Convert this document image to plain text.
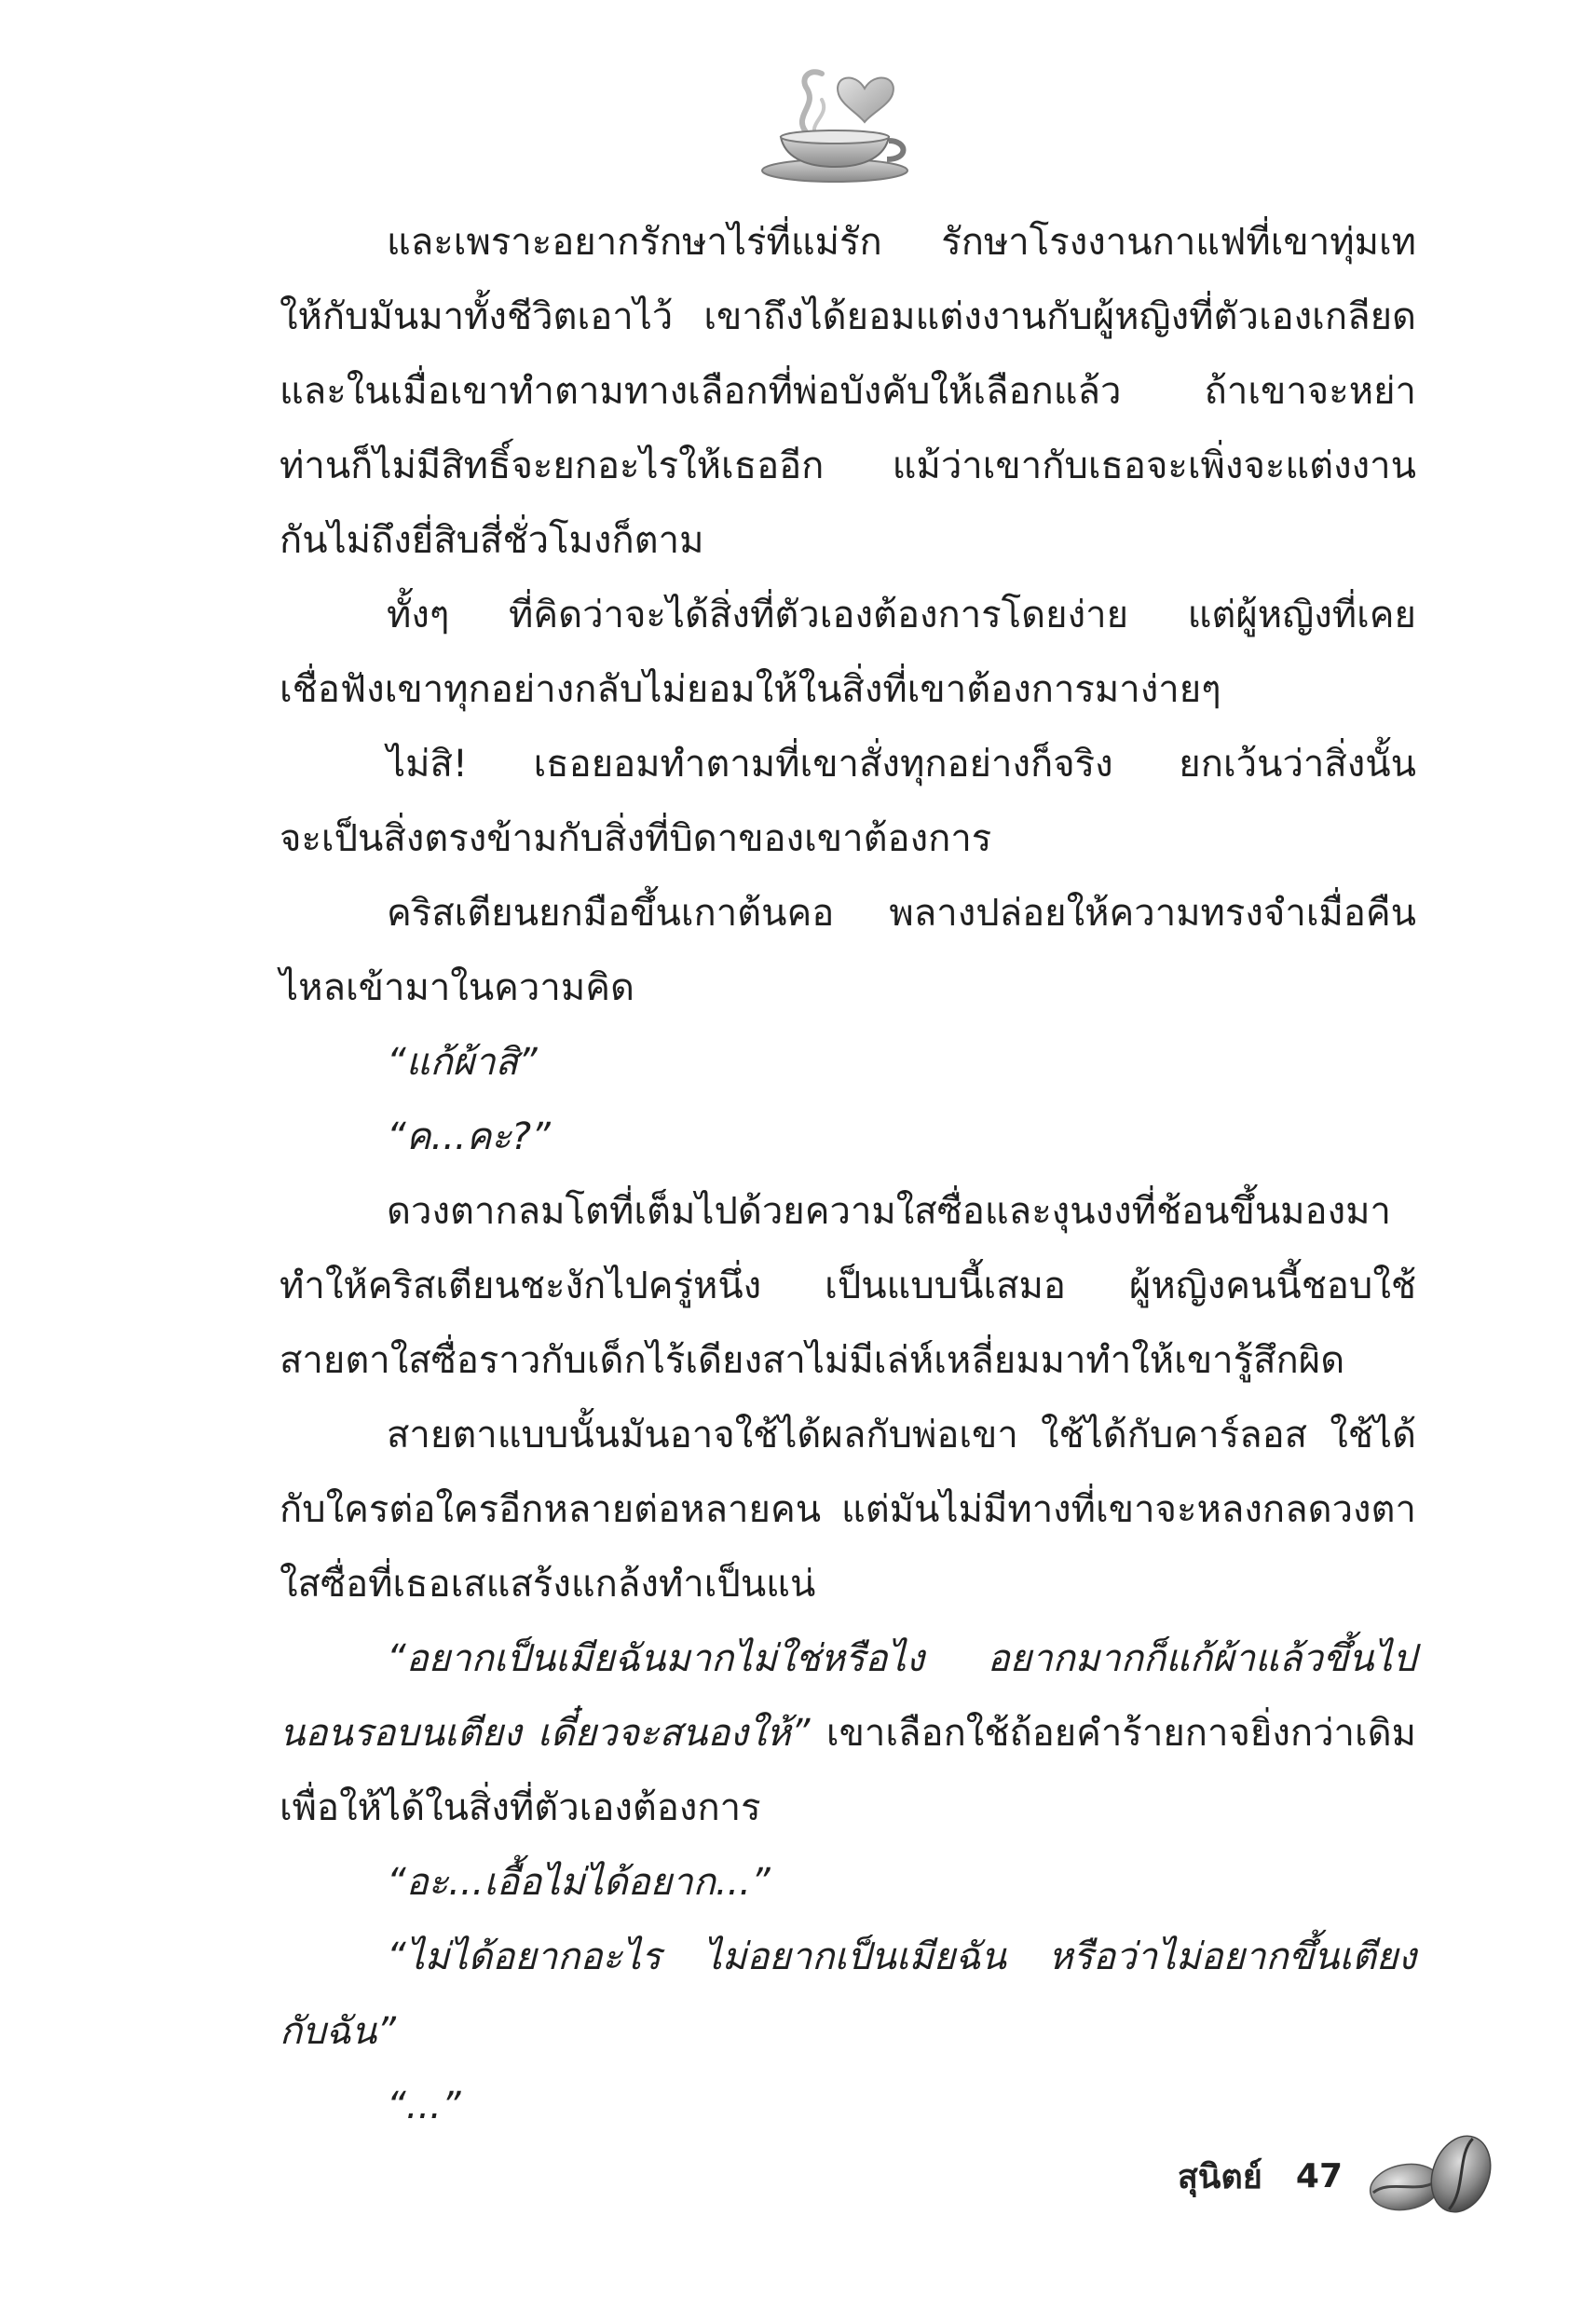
และเพราะอยากรักษาไร่ที่แม่รัก รักษาโรงงานกาแฟที่เขาทุ่มเท
ให้กับมันมาทั้งชีวิตเอาไว้ เขาถึงได้ยอมแต่งงานกับผู้หญิงที่ตัวเองเกลียด
และในเมื่อเขาทำตามทางเลือกที่พ่อบังคับให้เลือกแล้ว ถ้าเขาจะหย่า
ท่านก็ไม่มีสิทธิ์จะยกอะไรให้เธออีก แม้ว่าเขากับเธอจะเพิ่งจะแต่งงาน
กันไม่ถึงยี่สิบสี่ชั่วโมงก็ตาม
ทั้งๆ ที่คิดว่าจะได้สิ่งที่ตัวเองต้องการโดยง่าย แต่ผู้หญิงที่เคย
เชื่อฟังเขาทุกอย่างกลับไม่ยอมให้ในสิ่งที่เขาต้องการมาง่ายๆ
ไม่สิ! เธอยอมทำตามที่เขาสั่งทุกอย่างก็จริง ยกเว้นว่าสิ่งนั้น
จะเป็นสิ่งตรงข้ามกับสิ่งที่บิดาของเขาต้องการ
คริสเตียนยกมือขึ้นเกาต้นคอ พลางปล่อยให้ความทรงจำเมื่อคืน
ไหลเข้ามาในความคิด
“แก้ผ้าสิ”
“ค...คะ?”
ดวงตากลมโตที่เต็มไปด้วยความใสซื่อและงุนงงที่ช้อนขึ้นมองมา
ทำให้คริสเตียนชะงักไปครู่หนึ่ง เป็นแบบนี้เสมอ ผู้หญิงคนนี้ชอบใช้
สายตาใสซื่อราวกับเด็กไร้เดียงสาไม่มีเล่ห์เหลี่ยมมาทำให้เขารู้สึกผิด
สายตาแบบนั้นมันอาจใช้ได้ผลกับพ่อเขา ใช้ได้กับคาร์ลอส ใช้ได้
กับใครต่อใครอีกหลายต่อหลายคน แต่มันไม่มีทางที่เขาจะหลงกลดวงตา
ใสซื่อที่เธอเสแสร้งแกล้งทำเป็นแน่
“อยากเป็นเมียฉันมากไม่ใช่หรือไง อยากมากก็แก้ผ้าแล้วขึ้นไป
นอนรอบนเตียง เดี๋ยวจะสนองให้” เขาเลือกใช้ถ้อยคำร้ายกาจยิ่งกว่าเดิม
เพื่อให้ได้ในสิ่งที่ตัวเองต้องการ
“อะ...เอื้อไม่ได้อยาก...”
“ไม่ได้อยากอะไร ไม่อยากเป็นเมียฉัน หรือว่าไม่อยากขึ้นเตียง
กับฉัน”
“...”
สุนิตย์ 47
